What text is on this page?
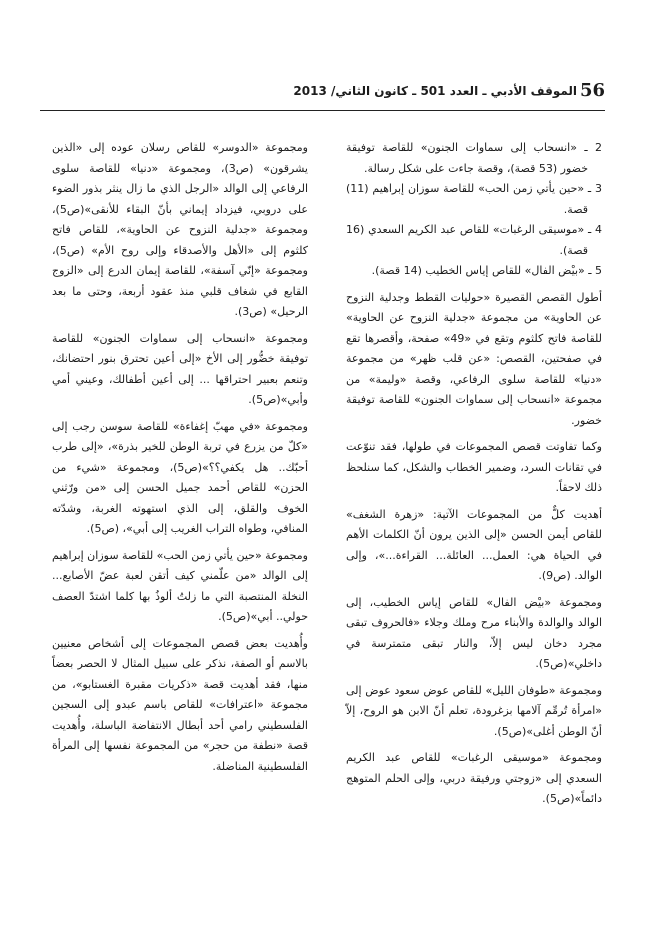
56
الموقف الأدبي ـ العدد 501 ـ كانون الثاني/ 2013

2 ـ «انسحاب إلى سماوات الجنون» للقاصة توفيقة خضور (53 قصة)، وقصة جاءت على شكل رسالة.

3 ـ «حين يأتي زمن الحب» للقاصة سوزان إبراهيم (11) قصة.

4 ـ «موسيقى الرغبات» للقاص عبد الكريم السعدي (16 قصة).

5 ـ «بيْض الفال» للقاص إياس الخطيب (14 قصة).

أطول القصص القصيرة «حوليات القطط وجدلية النزوح عن الحاوية» من مجموعة «جدلية النزوح عن الحاوية» للقاصة فاتح كلثوم وتقع في «49» صفحة، وأقصرها تقع في صفحتين، القصص: «عن قلب ظهر» من مجموعة «دنيا» للقاصة سلوى الرفاعي، وقصة «وليمة» من مجموعة «انسحاب إلى سماوات الجنون» للقاصة توفيقة خضور.

وكما تفاوتت قصص المجموعات في طولها، فقد تنوّعت في تقانات السرد، وضمير الخطاب والشكل، كما سنلحظ ذلك لاحقاً.

أهديت كلٌّ من المجموعات الآتية: «زهرة الشغف» للقاص أيمن الحسن «إلى الذين يرون أنّ الكلمات الأهم في الحياة هي: العمل... العائلة... القراءة...»، وإلى الوالد. (ص9).

ومجموعة «بيْض الفال» للقاص إياس الخطيب، إلى الوالد والوالدة والأبناء مرح وملك وجلاء «فالحروف تبقى مجرد دخان ليس إلاّ، والنار تبقى متمترسة في داخلي»(ص5).

ومجموعة «طوفان الليل» للقاص عوض سعود عوض إلى «امرأة تُرمِّم آلامها بزغرودة، تعلم أنّ الابن هو الروح، إلاّ أنّ الوطن أغلى»(ص5).

ومجموعة «موسيقى الرغبات» للقاص عبد الكريم السعدي إلى «زوجتي ورفيقة دربي، وإلى الحلم المتوهج دائماً»(ص5).

ومجموعة «الدوسر» للقاص رسلان عوده إلى «الذين يشرقون» (ص3)، ومجموعة «دنيا» للقاصة سلوى الرفاعي إلى الوالد «الرجل الذي ما زال ينثر بذور الضوء على دروبي، فيزداد إيماني بأنّ البقاء للأنقى»(ص5)، ومجموعة «جدلية النزوح عن الحاوية»، للقاص فاتح كلثوم إلى «الأهل والأصدقاء وإلى روح الأم» (ص5)، ومجموعة «إنّي آسفة»، للقاصة إيمان الدرع إلى «الزوج القابع في شغاف قلبي منذ عقود أربعة، وحتى ما بعد الرحيل» (ص3).

ومجموعة «انسحاب إلى سماوات الجنون» للقاصة توفيقة خضُّور إلى الأخ «إلى أعين تحترق بنور احتضانك، وتنعم بعبير احتراقها ... إلى أعين أطفالك، وعيني أمي وأبي»(ص5).

ومجموعة «في مهبّ إغفاءة» للقاصة سوسن رجب إلى «كلّ من يزرع في تربة الوطن للخير بذرة»، «إلى طرب أحبّك.. هل يكفي؟؟»(ص5)، ومجموعة «شيء من الحزن» للقاص أحمد جميل الحسن إلى «من ورّثني الخوف والقلق، إلى الذي استهوته الغربة، وشدّته المنافي، وطواه التراب الغريب إلى أبي»، (ص5).

ومجموعة «حين يأتي زمن الحب» للقاصة سوزان إبراهيم إلى الوالد «من علّمني كيف أتقن لعبة عضّ الأصابع... النخلة المنتصبة التي ما زلتُ ألوذُ بها كلما اشتدّ العصف حولي.. أبي»(ص5).

وأُهديت بعض قصص المجموعات إلى أشخاص معنيين بالاسم أو الصفة، نذكر على سبيل المثال لا الحصر بعضاً منها، فقد أهديت قصة «ذكريات مقبرة الغستابو»، من مجموعة «اعترافات» للقاص باسم عبدو إلى السجين الفلسطيني رامي أحد أبطال الانتفاضة الباسلة، وأُهديت قصة «نطفة من حجر» من المجموعة نفسها إلى المرأة الفلسطينية المناضلة.
